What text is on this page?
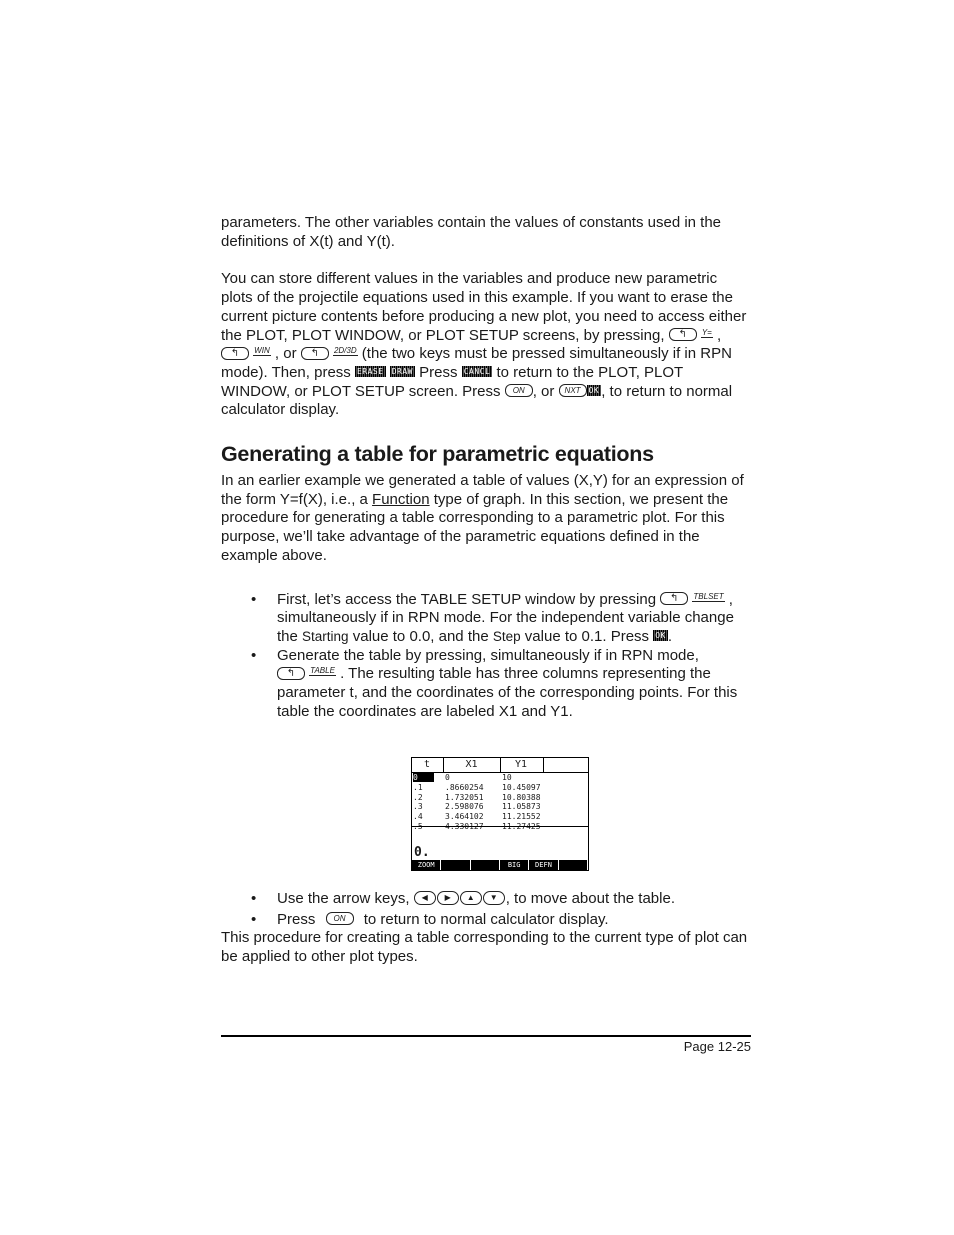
parameters. The other variables contain the values of constants used in the definitions of X(t) and Y(t).

You can store different values in the variables and produce new parametric plots of the projectile equations used in this example. If you want to erase the current picture contents before producing a new plot, you need to access either the PLOT, PLOT WINDOW, or PLOT SETUP screens, by pressing, ↰	Y= ,
↰ WIN , or ↰	2D/3D (the two keys must be pressed simultaneously if in RPN mode). Then, press ERASE DRAW Press CANCL to return to the PLOT, PLOT WINDOW, or PLOT SETUP screen. Press ON , or NXT OK , to return to normal calculator display.

Generating a table for parametric equations

In an earlier example we generated a table of values (X,Y) for an expression of the form Y=f(X), i.e., a Function type of graph. In this section, we present the procedure for generating a table corresponding to a parametric plot. For this purpose, we’ll take advantage of the parametric equations defined in the example above.

• First, let’s access the TABLE SETUP window by pressing ↰	TBLSET , simultaneously if in RPN mode. For the independent variable change the Starting value to 0.0, and the Step value to 0.1. Press OK .
• Generate the table by pressing, simultaneously if in RPN mode,
↰ TABLE . The resulting table has three columns representing the parameter t, and the coordinates of the corresponding points. For this table the coordinates are labeled X1 and Y1.
t	X1	Y1
0	0	10
.1	.8660254 10.45097
.2	1.732051 10.80388
.3	2.598076 11.05873
.4	3.464102 11.21552
0.
ZOOM	BIG	DEFN
• Use the arrow keys, ◀ ▶ ▲ ▼ , to move about the table.
• Press ON to return to normal calculator display.

This procedure for creating a table corresponding to the current type of plot can be applied to other plot types.

Page 12-25
